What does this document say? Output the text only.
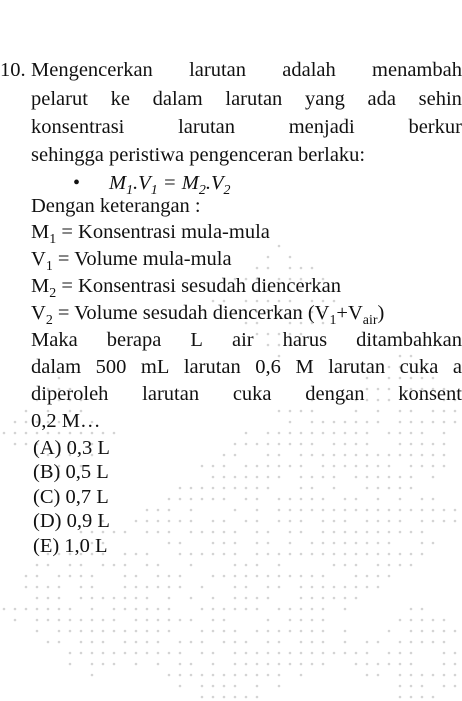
10. Mengencerkan larutan adalah menambah
pelarut ke dalam larutan yang ada sehin
konsentrasi	larutan	menjadi	berkur
sehingga peristiwa pengenceran berlaku:
• $M_1.V_1 = M_2.V_2$
Dengan keterangan :
$M_1$ = Konsentrasi mula-mula
$V_1$ = Volume mula-mula
$M_2$ = Konsentrasi sesudah diencerkan
$V_2$ = Volume sesudah diencerkan $(V_1+V_{air})$
Maka berapa L air harus ditambahkan
dalam 500 mL larutan 0,6 M larutan cuka a
diperoleh larutan cuka dengan konsent
0,2 M…
(A) 0,3 L
(B) 0,5 L
(C) 0,7 L
(D) 0,9 L
(E) 1,0 L
